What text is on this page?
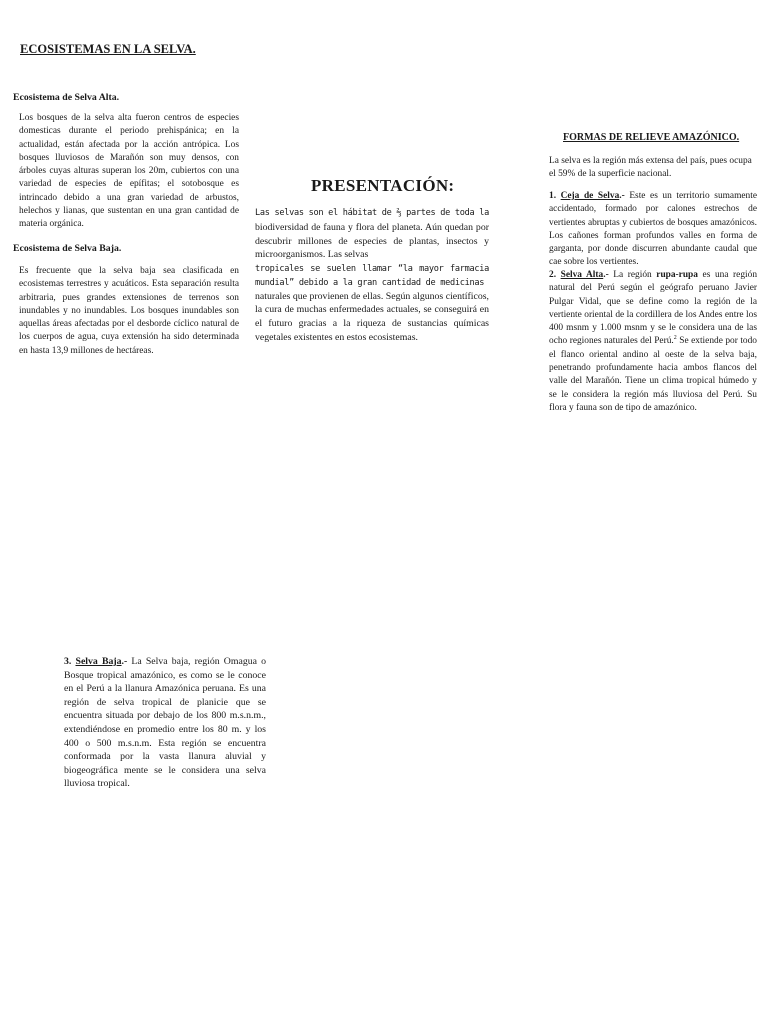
ECOSISTEMAS EN LA SELVA.
Ecosistema de Selva Alta.

Los bosques de la selva alta fueron centros de especies domesticas durante el periodo prehispánica; en la actualidad, están afectada por la acción antrópica. Los bosques lluviosos de Marañón son muy densos, con árboles cuyas alturas superan los 20m, cubiertos con una variedad de especies de epífitas; el sotobosque es intrincado debido a una gran variedad de arbustos, helechos y lianas, que sustentan en una gran cantidad de materia orgánica.

Ecosistema de Selva Baja.

Es frecuente que la selva baja sea clasificada en ecosistemas terrestres y acuáticos. Esta separación resulta arbitraria, pues grandes extensiones de terrenos son inundables y no inundables. Los bosques inundables son aquellas áreas afectadas por el desborde cíclico natural de los cuerpos de agua, cuya extensión ha sido determinada en hasta 13,9 millones de hectáreas.

PRESENTACIÓN:

Las selvas son el hábitat de ⅔ partes de toda la

biodiversidad de fauna y flora del planeta. Aún quedan por descubrir millones de especies de plantas, insectos y microorganismos. Las selvas

tropicales se suelen llamar “la mayor farmacia mundial” debido a la gran cantidad de medicinas

naturales que provienen de ellas. Según algunos científicos, la cura de muchas enfermedades actuales, se conseguirá en el futuro gracias a la riqueza de sustancias químicas vegetales existentes en estos ecosistemas.

FORMAS DE RELIEVE AMAZÓNICO.

La selva es la región más extensa del país, pues ocupa el 59% de la superficie nacional.

1. Ceja de Selva.- Este es un territorio sumamente accidentado, formado por calones estrechos de vertientes abruptas y cubiertos de bosques amazónicos. Los cañones forman profundos valles en forma de garganta, por donde discurren abundante caudal que cae sobre los vertientes.

2. Selva Alta.- La región rupa-rupa es una región natural del Perú según el geógrafo peruano Javier Pulgar Vidal, que se define como la región de la vertiente oriental de la cordillera de los Andes entre los 400 msnm y 1.000 msnm y se le considera una de las ocho regiones naturales del Perú.$^2$ Se extiende por todo el flanco oriental andino al oeste de la selva baja, penetrando profundamente hacia ambos flancos del valle del Marañón. Tiene un clima tropical húmedo y se le considera la región más lluviosa del Perú. Su flora y fauna son de tipo de amazónico.

3. Selva Baja.- La Selva baja, región Omagua o Bosque tropical amazónico, es como se le conoce en el Perú a la llanura Amazónica peruana. Es una región de selva tropical de planicie que se encuentra situada por debajo de los 800 m.s.n.m., extendiéndose en promedio entre los 80 m. y los 400 o 500 m.s.n.m. Esta región se encuentra conformada por la vasta llanura aluvial y biogeográfica mente se le considera una selva lluviosa tropical.
